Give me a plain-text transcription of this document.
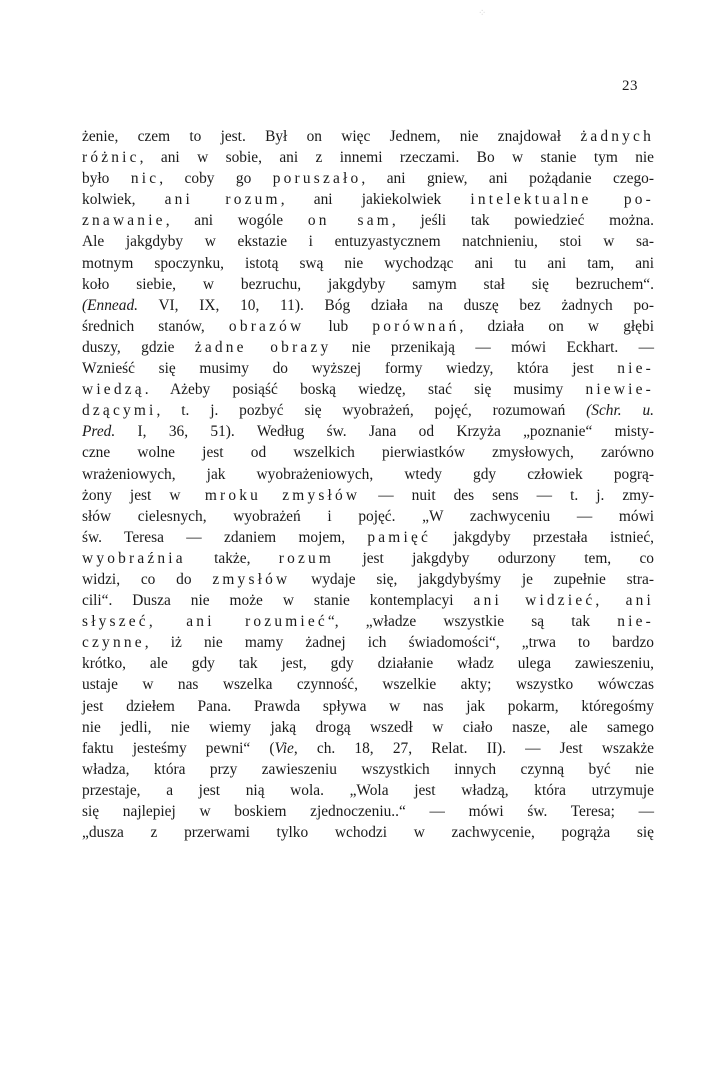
⁘
23
żenie, czem to jest. Był on więc Jednem, nie znajdował żadnych
różnic, ani w sobie, ani z innemi rzeczami. Bo w stanie tym nie
było nic, coby go poruszało, ani gniew, ani pożądanie czego-
kolwiek, ani rozum, ani jakiekolwiek intelektualne po-
znawanie, ani wogóle on sam, jeśli tak powiedzieć można.
Ale jakgdyby w ekstazie i entuzyastycznem natchnieniu, stoi w sa-
motnym spoczynku, istotą swą nie wychodząc ani tu ani tam, ani
koło siebie, w bezruchu, jakgdyby samym stał się bezruchem“.
(Ennead. VI, IX, 10, 11). Bóg działa na duszę bez żadnych po-
średnich stanów, obrazów lub porównań, działa on w głębi
duszy, gdzie żadne obrazy nie przenikają — mówi Eckhart. —
Wznieść się musimy do wyższej formy wiedzy, która jest nie-
wiedzą. Ażeby posiąść boską wiedzę, stać się musimy niewie-
dzącymi, t. j. pozbyć się wyobrażeń, pojęć, rozumowań (Schr. u.
Pred. I, 36, 51). Według św. Jana od Krzyża „poznanie“ misty-
czne wolne jest od wszelkich pierwiastków zmysłowych, zarówno
wrażeniowych, jak wyobrażeniowych, wtedy gdy człowiek pogrą-
żony jest w mroku zmysłów — nuit des sens — t. j. zmy-
słów cielesnych, wyobrażeń i pojęć. „W zachwyceniu — mówi
św. Teresa — zdaniem mojem, pamięć jakgdyby przestała istnieć,
wyobraźnia także, rozum jest jakgdyby odurzony tem, co
widzi, co do zmysłów wydaje się, jakgdybyśmy je zupełnie stra-
cili“. Dusza nie może w stanie kontemplacyi ani widzieć, ani
słyszeć, ani rozumieć“, „władze wszystkie są tak nie-
czynne, iż nie mamy żadnej ich świadomości“, „trwa to bardzo
krótko, ale gdy tak jest, gdy działanie władz ulega zawieszeniu,
ustaje w nas wszelka czynność, wszelkie akty; wszystko wówczas
jest dziełem Pana. Prawda spływa w nas jak pokarm, któregośmy
nie jedli, nie wiemy jaką drogą wszedł w ciało nasze, ale samego
faktu jesteśmy pewni“ (Vie, ch. 18, 27, Relat. II). — Jest wszakże
władza, która przy zawieszeniu wszystkich innych czynną być nie
przestaje, a jest nią wola. „Wola jest władzą, która utrzymuje
się najlepiej w boskiem zjednoczeniu..“ — mówi św. Teresa; —
„dusza z przerwami tylko wchodzi w zachwycenie, pogrąża się
